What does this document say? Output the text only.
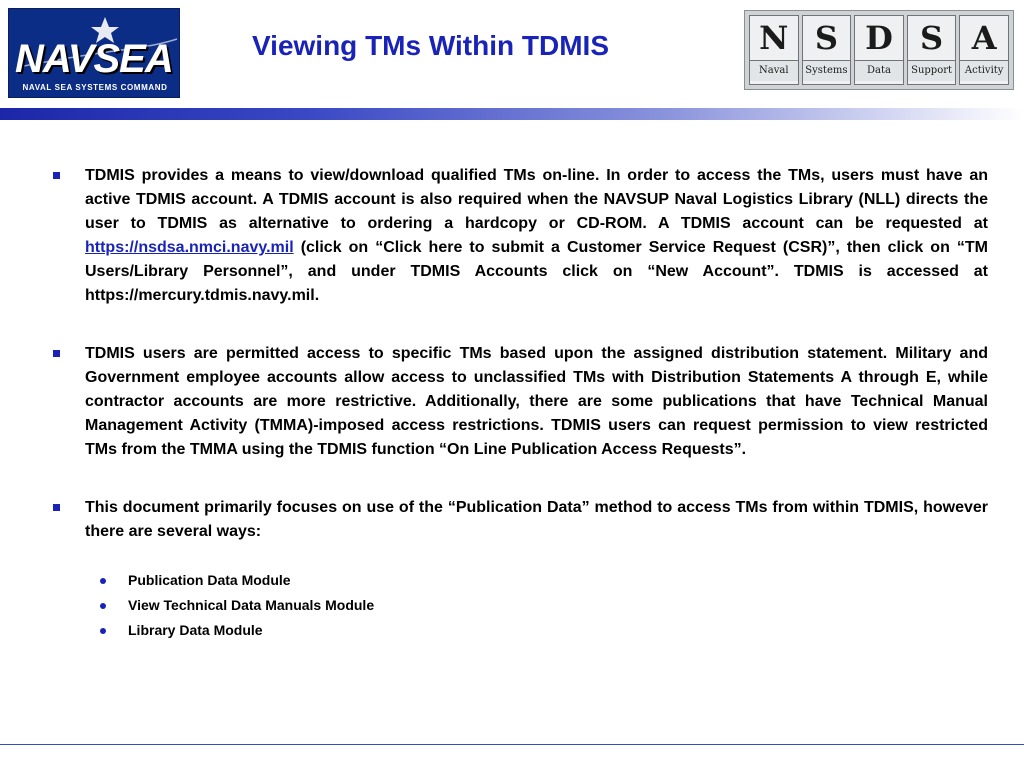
NAVSEA
NAVAL SEA SYSTEMS COMMAND
Viewing TMs Within TDMIS	N
Naval
S
Systems
D
Data
S
Support
A
Activity

TDMIS provides a means to view/download qualified TMs on-line. In order to access the TMs, users must have an active TDMIS account. A TDMIS account is also required when the NAVSUP Naval Logistics Library (NLL) directs the user to TDMIS as alternative to ordering a hardcopy or CD-ROM. A TDMIS account can be requested at https://nsdsa.nmci.navy.mil (click on “Click here to submit a Customer Service Request (CSR)”, then click on “TM Users/Library Personnel”, and under TDMIS Accounts click on “New Account”. TDMIS is accessed at https://mercury.tdmis.navy.mil.

TDMIS users are permitted access to specific TMs based upon the assigned distribution statement. Military and Government employee accounts allow access to unclassified TMs with Distribution Statements A through E, while contractor accounts are more restrictive. Additionally, there are some publications that have Technical Manual Management Activity (TMMA)-imposed access restrictions. TDMIS users can request permission to view restricted TMs from the TMMA using the TDMIS function “On Line Publication Access Requests”.

This document primarily focuses on use of the “Publication Data” method to access TMs from within TDMIS, however there are several ways:

Publication Data Module
View Technical Data Manuals Module
Library Data Module
